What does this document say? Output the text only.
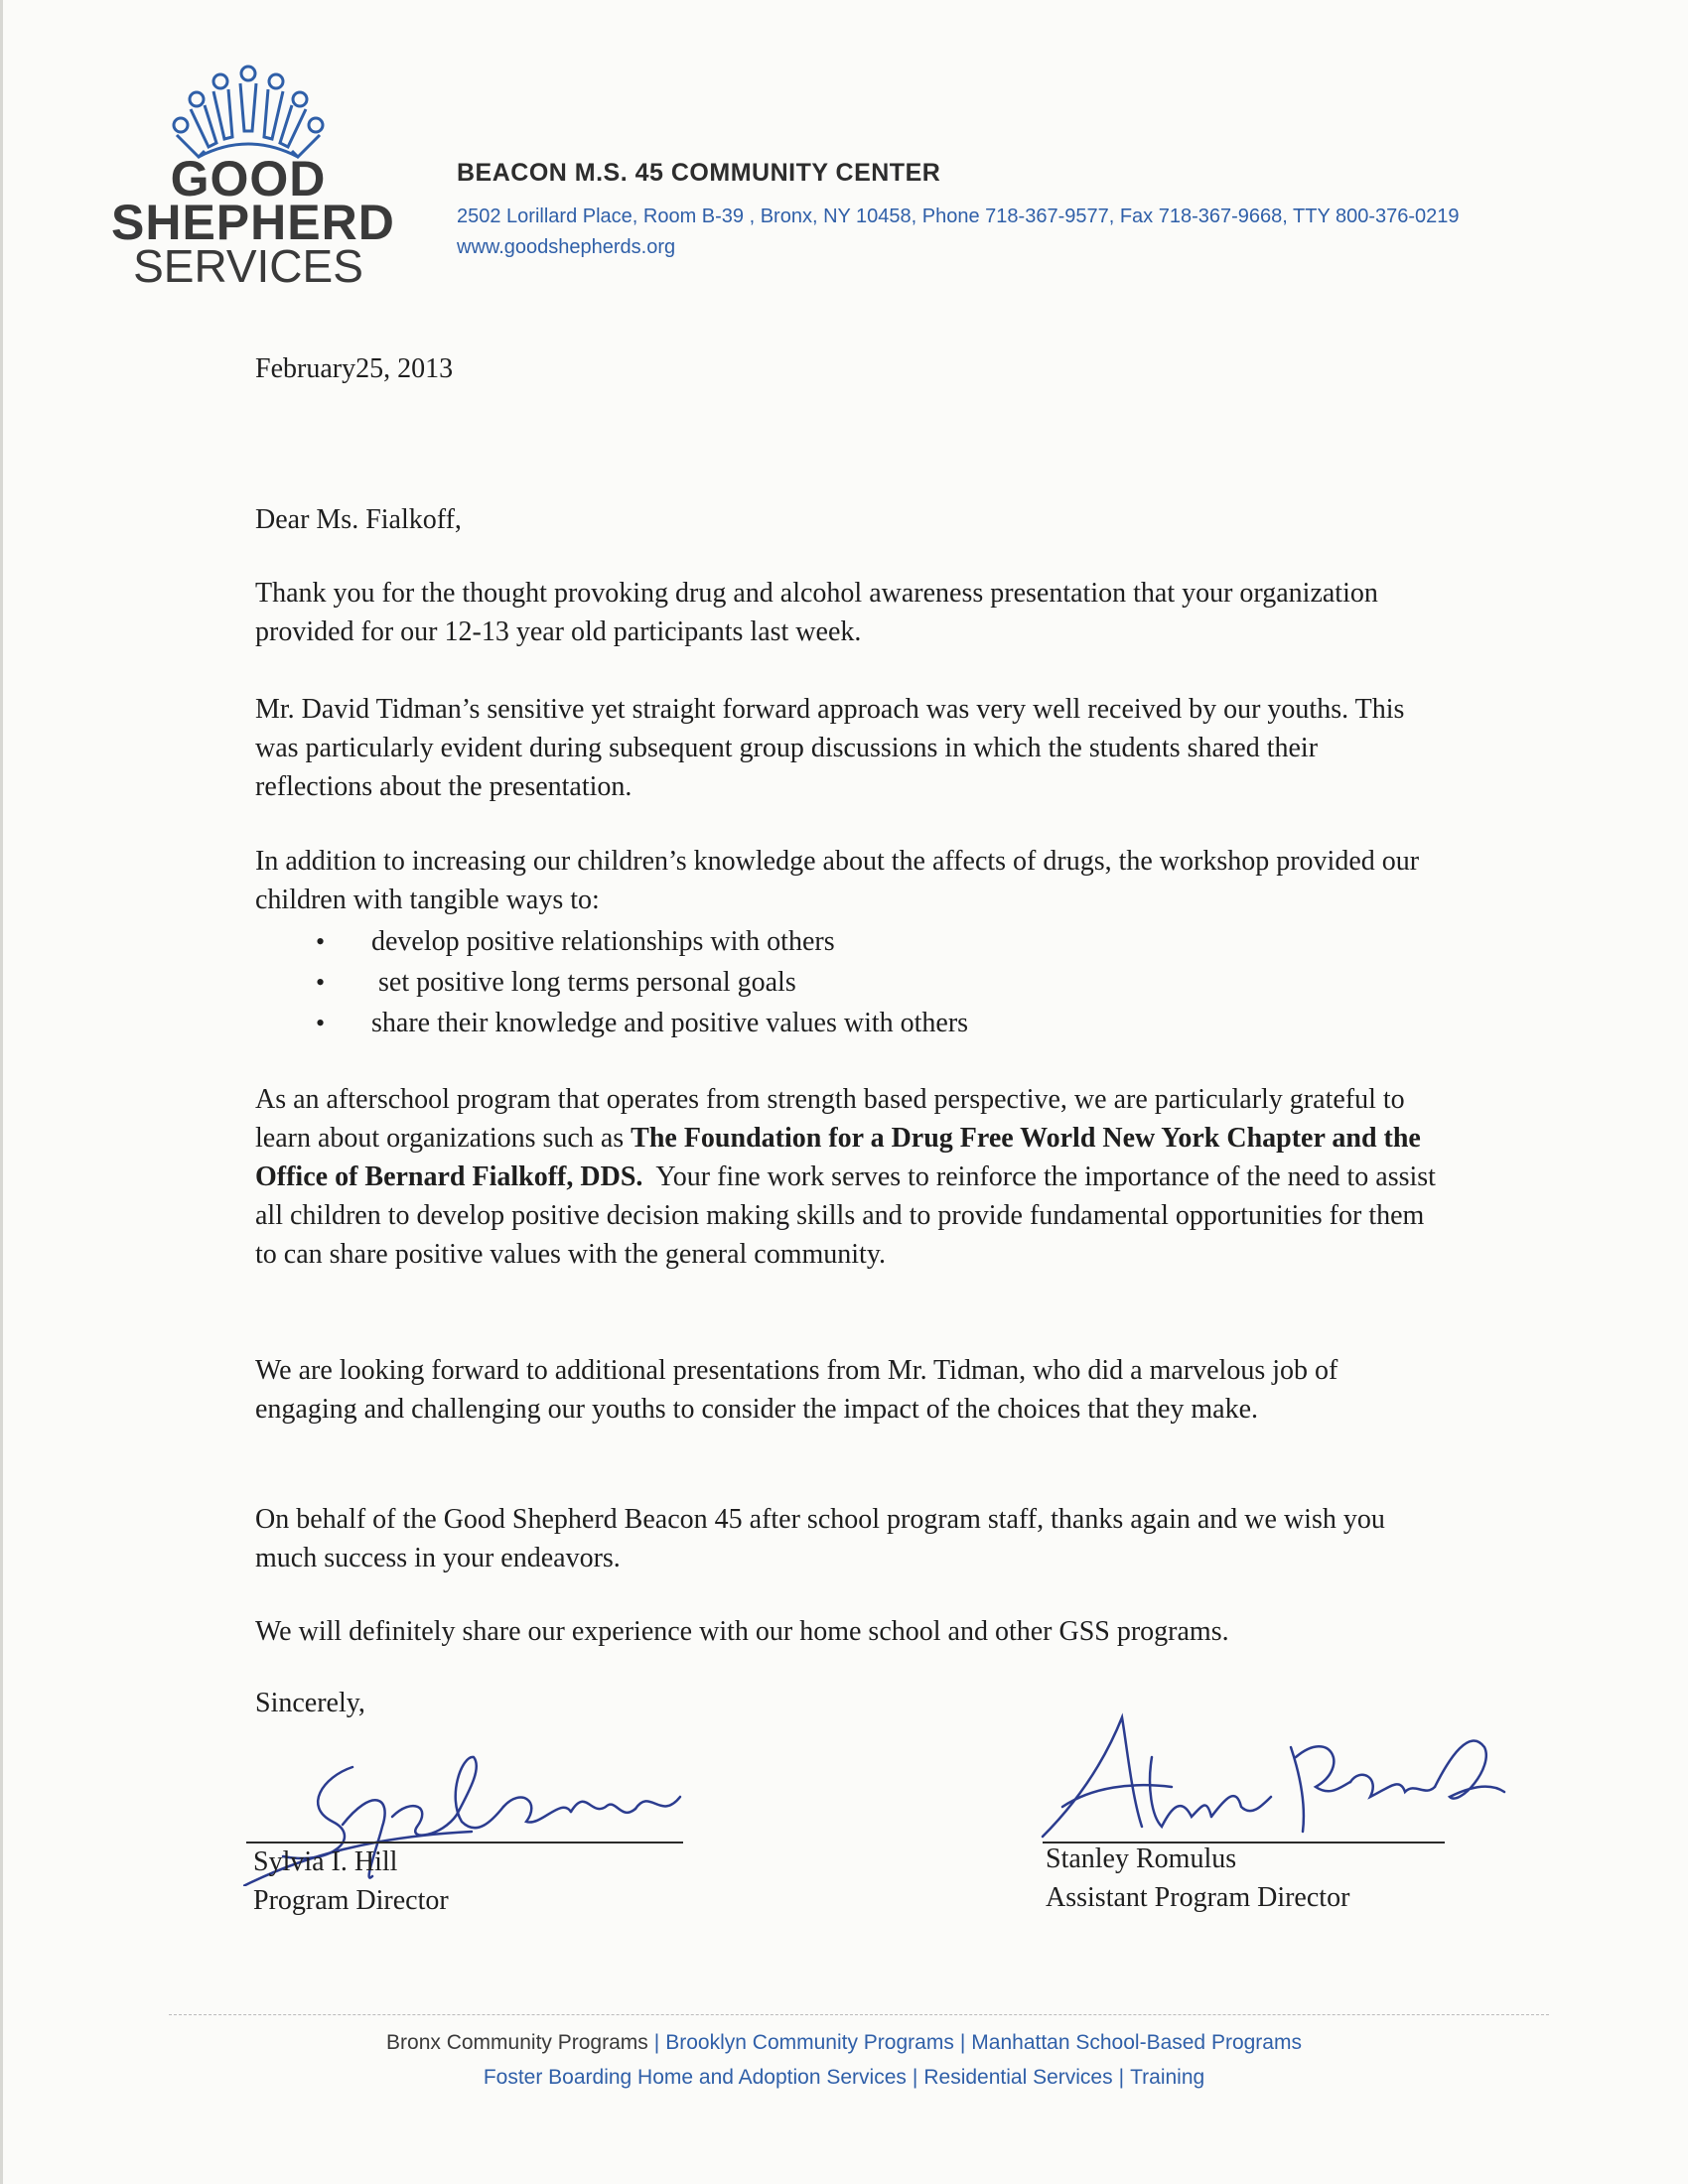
GOOD
SHEPHERD
SERVICES
BEACON M.S. 45 COMMUNITY CENTER
2502 Lorillard Place, Room B-39 , Bronx, NY 10458, Phone 718-367-9577, Fax 718-367-9668, TTY 800-376-0219
www.goodshepherds.org
February25, 2013
Dear Ms. Fialkoff,
Thank you for the thought provoking drug and alcohol awareness presentation that your organization provided for our 12-13 year old participants last week.
Mr. David Tidman’s sensitive yet straight forward approach was very well received by our youths. This was particularly evident during subsequent group discussions in which the students shared their reflections about the presentation.
In addition to increasing our children’s knowledge about the affects of drugs, the workshop provided our children with tangible ways to:
• develop positive relationships with others
•  set positive long terms personal goals
• share their knowledge and positive values with others
As an afterschool program that operates from strength based perspective, we are particularly grateful to learn about organizations such as The Foundation for a Drug Free World New York Chapter and the Office of Bernard Fialkoff, DDS.  Your fine work serves to reinforce the importance of the need to assist all children to develop positive decision making skills and to provide fundamental opportunities for them to can share positive values with the general community.
We are looking forward to additional presentations from Mr. Tidman, who did a marvelous job of engaging and challenging our youths to consider the impact of the choices that they make.
On behalf of the Good Shepherd Beacon 45 after school program staff, thanks again and we wish you much success in your endeavors.
We will definitely share our experience with our home school and other GSS programs.
Sincerely,
Sylvia I. Hill
Program Director
Stanley Romulus
Assistant Program Director
Bronx Community Programs | Brooklyn Community Programs | Manhattan School-Based Programs
Foster Boarding Home and Adoption Services | Residential Services | Training
